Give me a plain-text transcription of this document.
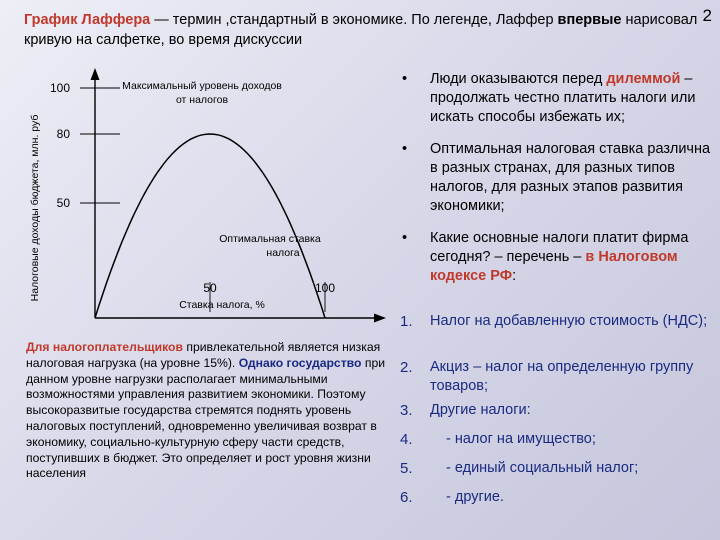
2
График Лаффера — термин ,стандартный в экономике. По легенде, Лаффер впервые нарисовал кривую на салфетке, во время дискуссии
Налоговые доходы бюджета, млн. руб
100
80
50
50	100
Максимальный уровень доходов
от налогов
Оптимальная ставка
налога
Ставка налога, %
Для налогоплательщиков привлекательной является низкая налоговая нагрузка (на уровне 15%). Однако государство при данном уровне нагрузки располагает минимальными возможностями управления развитием экономики. Поэтому высокоразвитые государства стремятся поднять уровень налоговых поступлений, одновременно увеличивая возврат в экономику, социально-культурную сферу части средств, поступивших в бюджет. Это определяет и рост уровня жизни населения
• Люди оказываются перед дилеммой – продолжать честно платить налоги или искать способы избежать их;
• Оптимальная налоговая ставка различна в разных странах, для разных типов налогов, для разных этапов развития экономики;
• Какие основные налоги платит фирма сегодня? – перечень – в Налоговом кодексе РФ:
1. Налог на добавленную стоимость (НДС);
2. Акциз – налог на определенную группу товаров;
3. Другие налоги:
4.	- налог на имущество;
5.	- единый социальный налог;
6.	- другие.
